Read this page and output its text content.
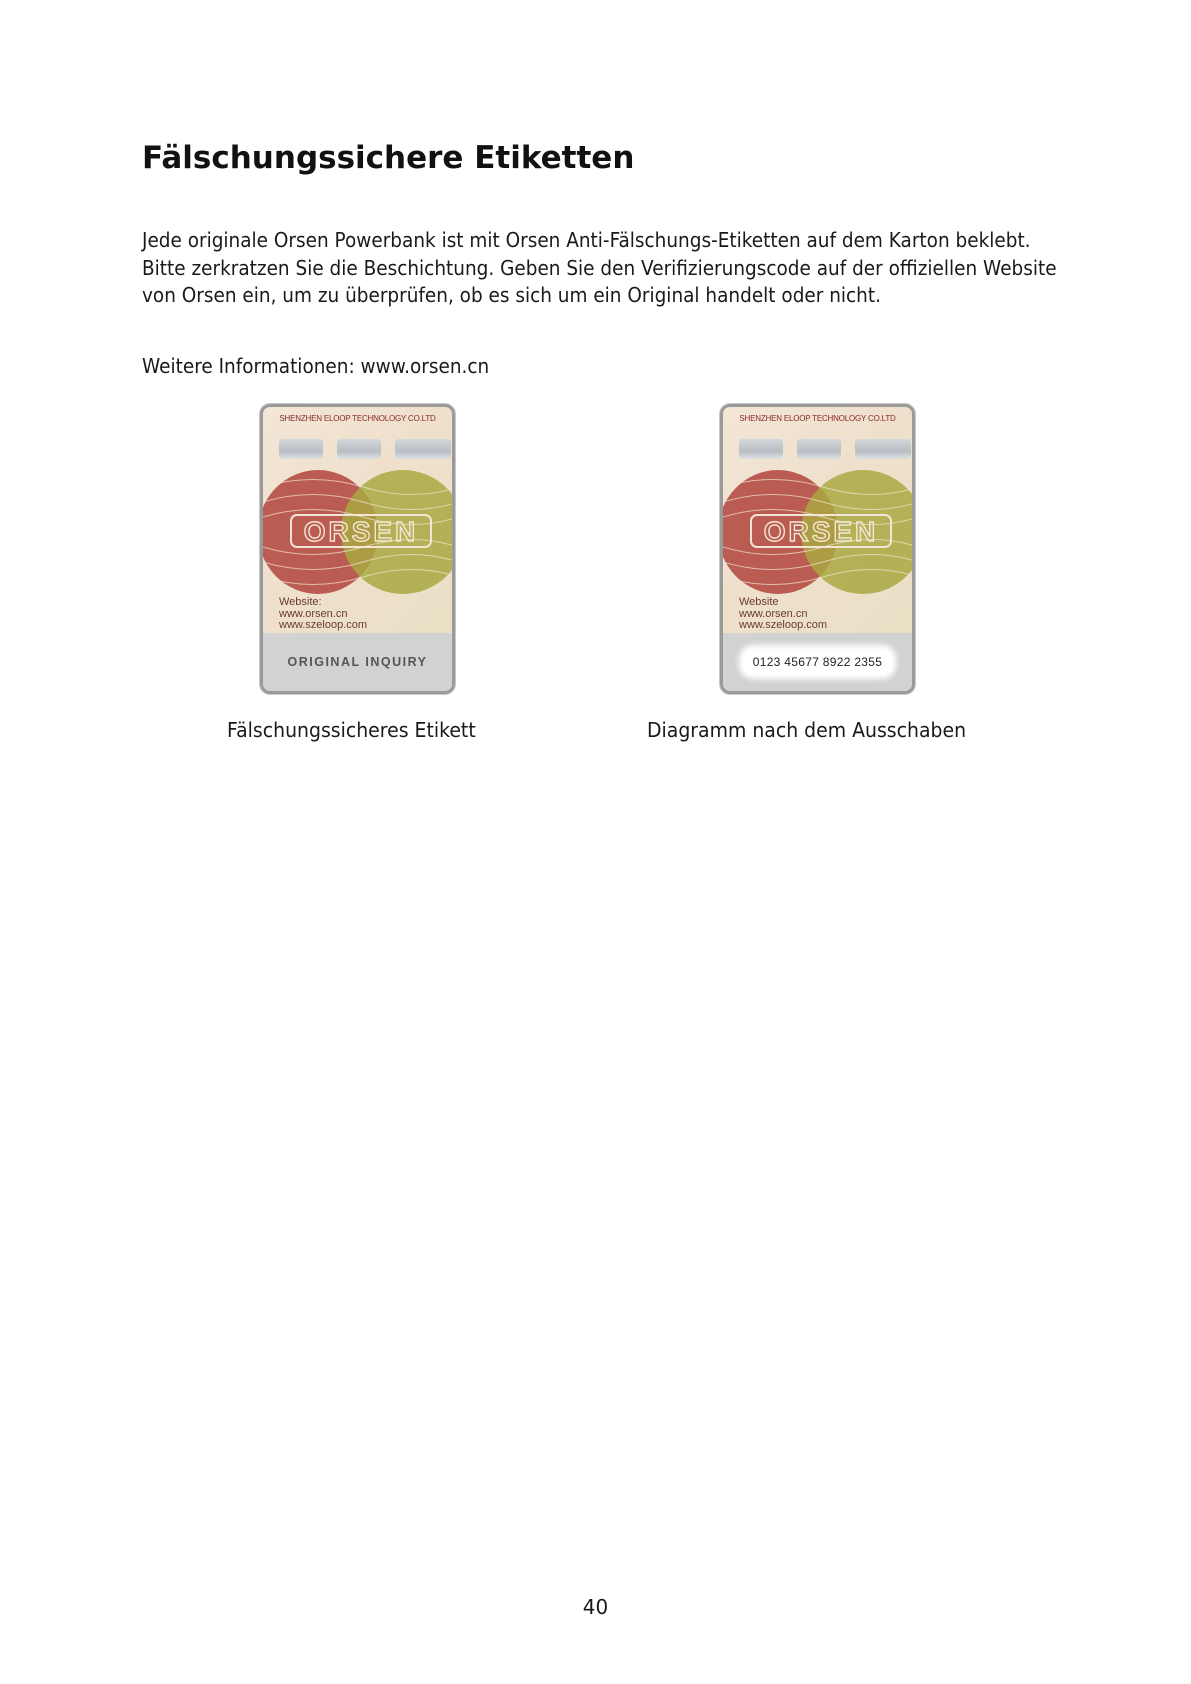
Fälschungssichere Etiketten

Jede originale Orsen Powerbank ist mit Orsen Anti-Fälschungs-Etiketten auf dem Karton beklebt. Bitte zerkratzen Sie die Beschichtung. Geben Sie den Verifizierungscode auf der offiziellen Website von Orsen ein, um zu überprüfen, ob es sich um ein Original handelt oder nicht.

Weitere Informationen: www.orsen.cn

SHENZHEN ELOOP TECHNOLOGY CO.LTD
ORSEN
Website:
www.orsen.cn
www.szeloop.com
ORIGINAL INQUIRY
SHENZHEN ELOOP TECHNOLOGY CO.LTD
ORSEN
Website
www.orsen.cn
www.szeloop.com
0123 45677 8922 2355
Fälschungssicheres Etikett	Diagramm nach dem Ausschaben
40
